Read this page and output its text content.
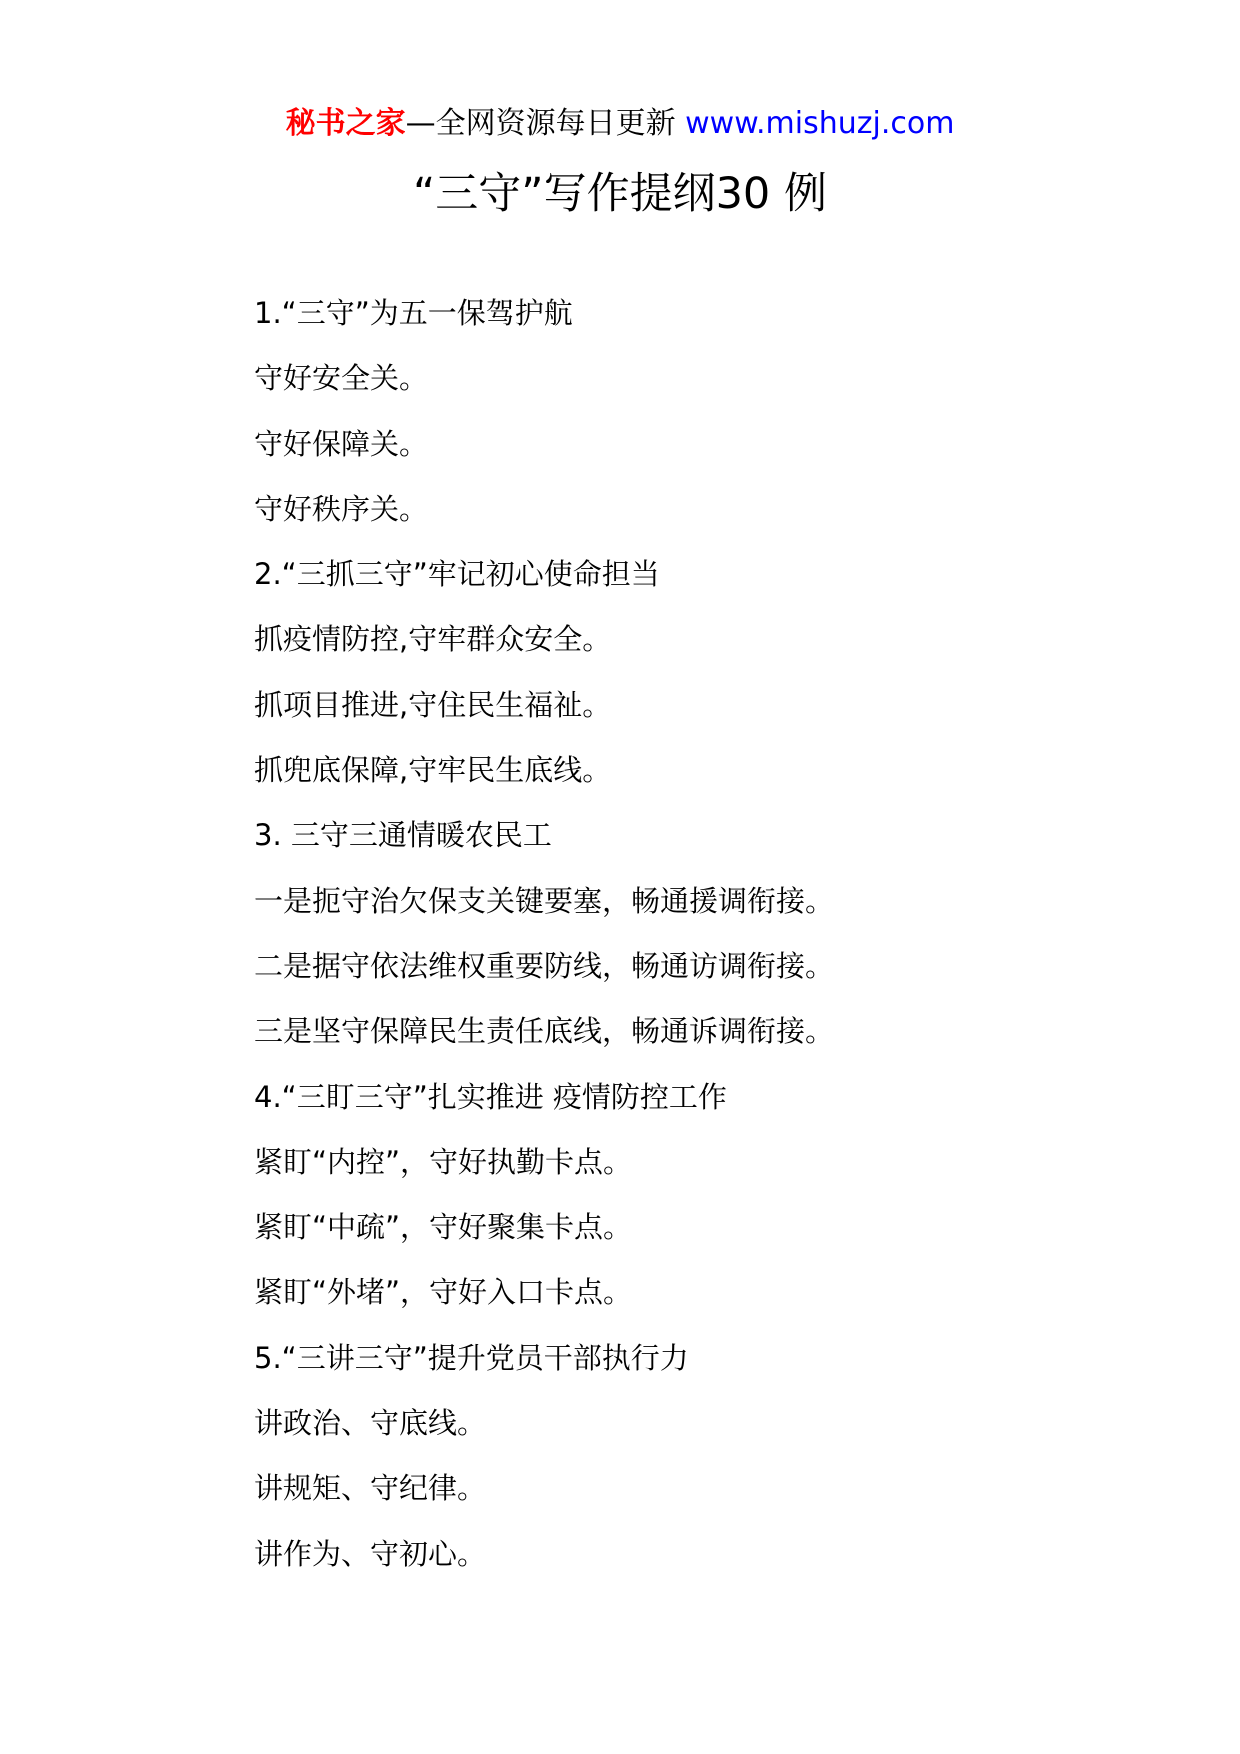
秘书之家—全网资源每日更新 www.mishuzj.com
“三守”写作提纲30 例
1.“三守”为五一保驾护航
守好安全关。
守好保障关。
守好秩序关。
2.“三抓三守”牢记初心使命担当
抓疫情防控,守牢群众安全。
抓项目推进,守住民生福祉。
抓兜底保障,守牢民生底线。
3. 三守三通情暖农民工
一是扼守治欠保支关键要塞，畅通援调衔接。
二是据守依法维权重要防线，畅通访调衔接。
三是坚守保障民生责任底线，畅通诉调衔接。
4.“三盯三守”扎实推进 疫情防控工作
紧盯“内控”，守好执勤卡点。
紧盯“中疏”，守好聚集卡点。
紧盯“外堵”，守好入口卡点。
5.“三讲三守”提升党员干部执行力
讲政治、守底线。
讲规矩、守纪律。
讲作为、守初心。
